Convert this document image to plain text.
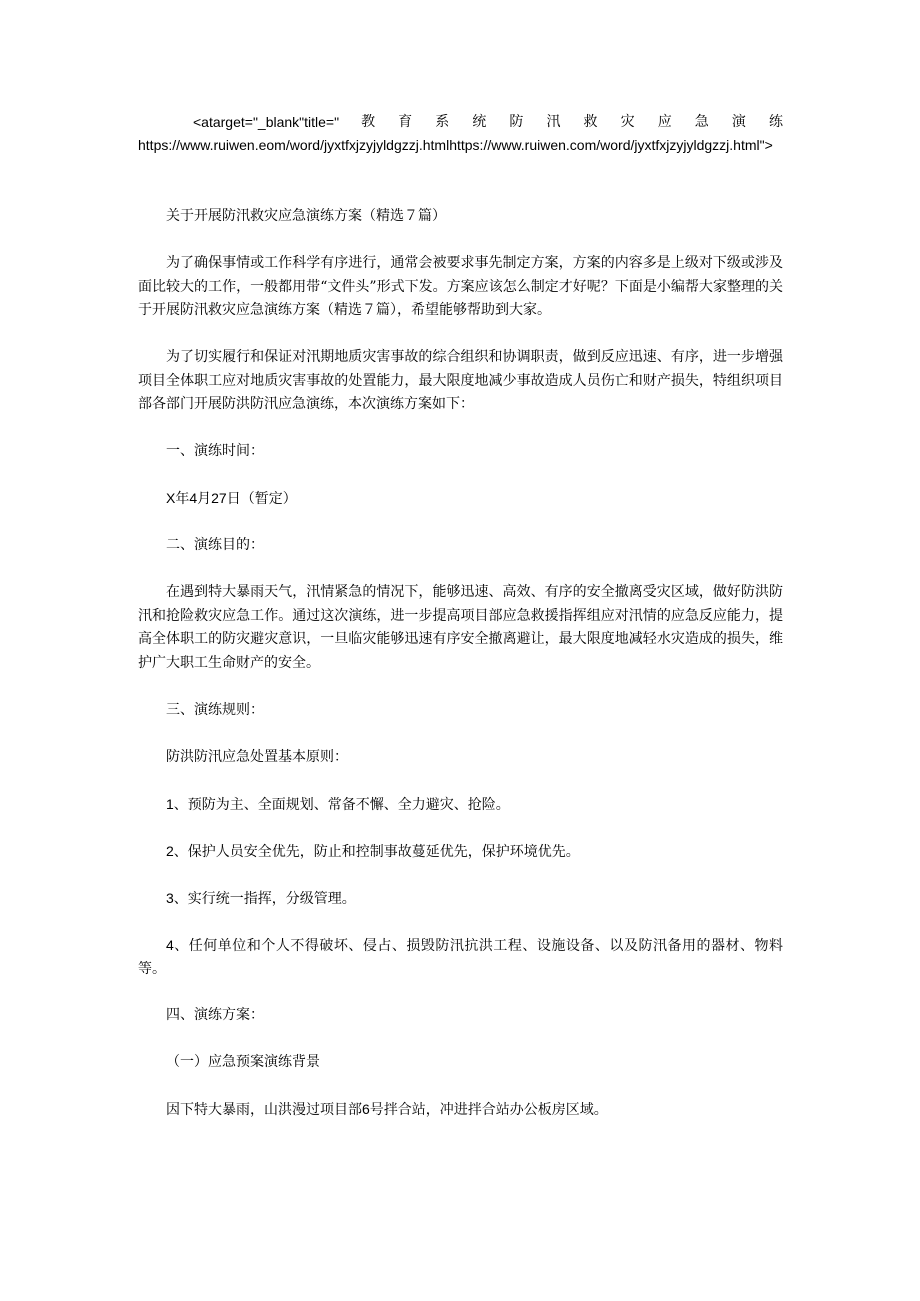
<atarget="_blank"title=" 教 育 系 统 防 汛 救 灾 应 急 演 练
https://www.ruiwen.eom/word/jyxtfxjzyjyldgzzj.htmlhttps://www.ruiwen.com/word/jyxtfxjzyjyldgzzj.html">

关于开展防汛救灾应急演练方案（精选７篇）

为了确保事情或工作科学有序进行，通常会被要求事先制定方案，方案的内容多是上级对下级或涉及面比较大的工作，一般都用带“文件头”形式下发。方案应该怎么制定才好呢？下面是小编帮大家整理的关于开展防汛救灾应急演练方案（精选７篇），希望能够帮助到大家。

为了切实履行和保证对汛期地质灾害事故的综合组织和协调职责，做到反应迅速、有序，进一步增强项目全体职工应对地质灾害事故的处置能力，最大限度地减少事故造成人员伤亡和财产损失，特组织项目部各部门开展防洪防汛应急演练，本次演练方案如下：

一、演练时间：

X年4月27日（暂定）

二、演练目的：

在遇到特大暴雨天气，汛情紧急的情况下，能够迅速、高效、有序的安全撤离受灾区域，做好防洪防汛和抢险救灾应急工作。通过这次演练，进一步提高项目部应急救援指挥组应对汛情的应急反应能力，提高全体职工的防灾避灾意识，一旦临灾能够迅速有序安全撤离避让，最大限度地减轻水灾造成的损失，维护广大职工生命财产的安全。

三、演练规则：

防洪防汛应急处置基本原则：

1、预防为主、全面规划、常备不懈、全力避灾、抢险。

2、保护人员安全优先，防止和控制事故蔓延优先，保护环境优先。

3、实行统一指挥，分级管理。

4、任何单位和个人不得破坏、侵占、损毁防汛抗洪工程、设施设备、以及防汛备用的器材、物料等。

四、演练方案：

（一）应急预案演练背景

因下特大暴雨，山洪漫过项目部6号拌合站，冲进拌合站办公板房区域。
